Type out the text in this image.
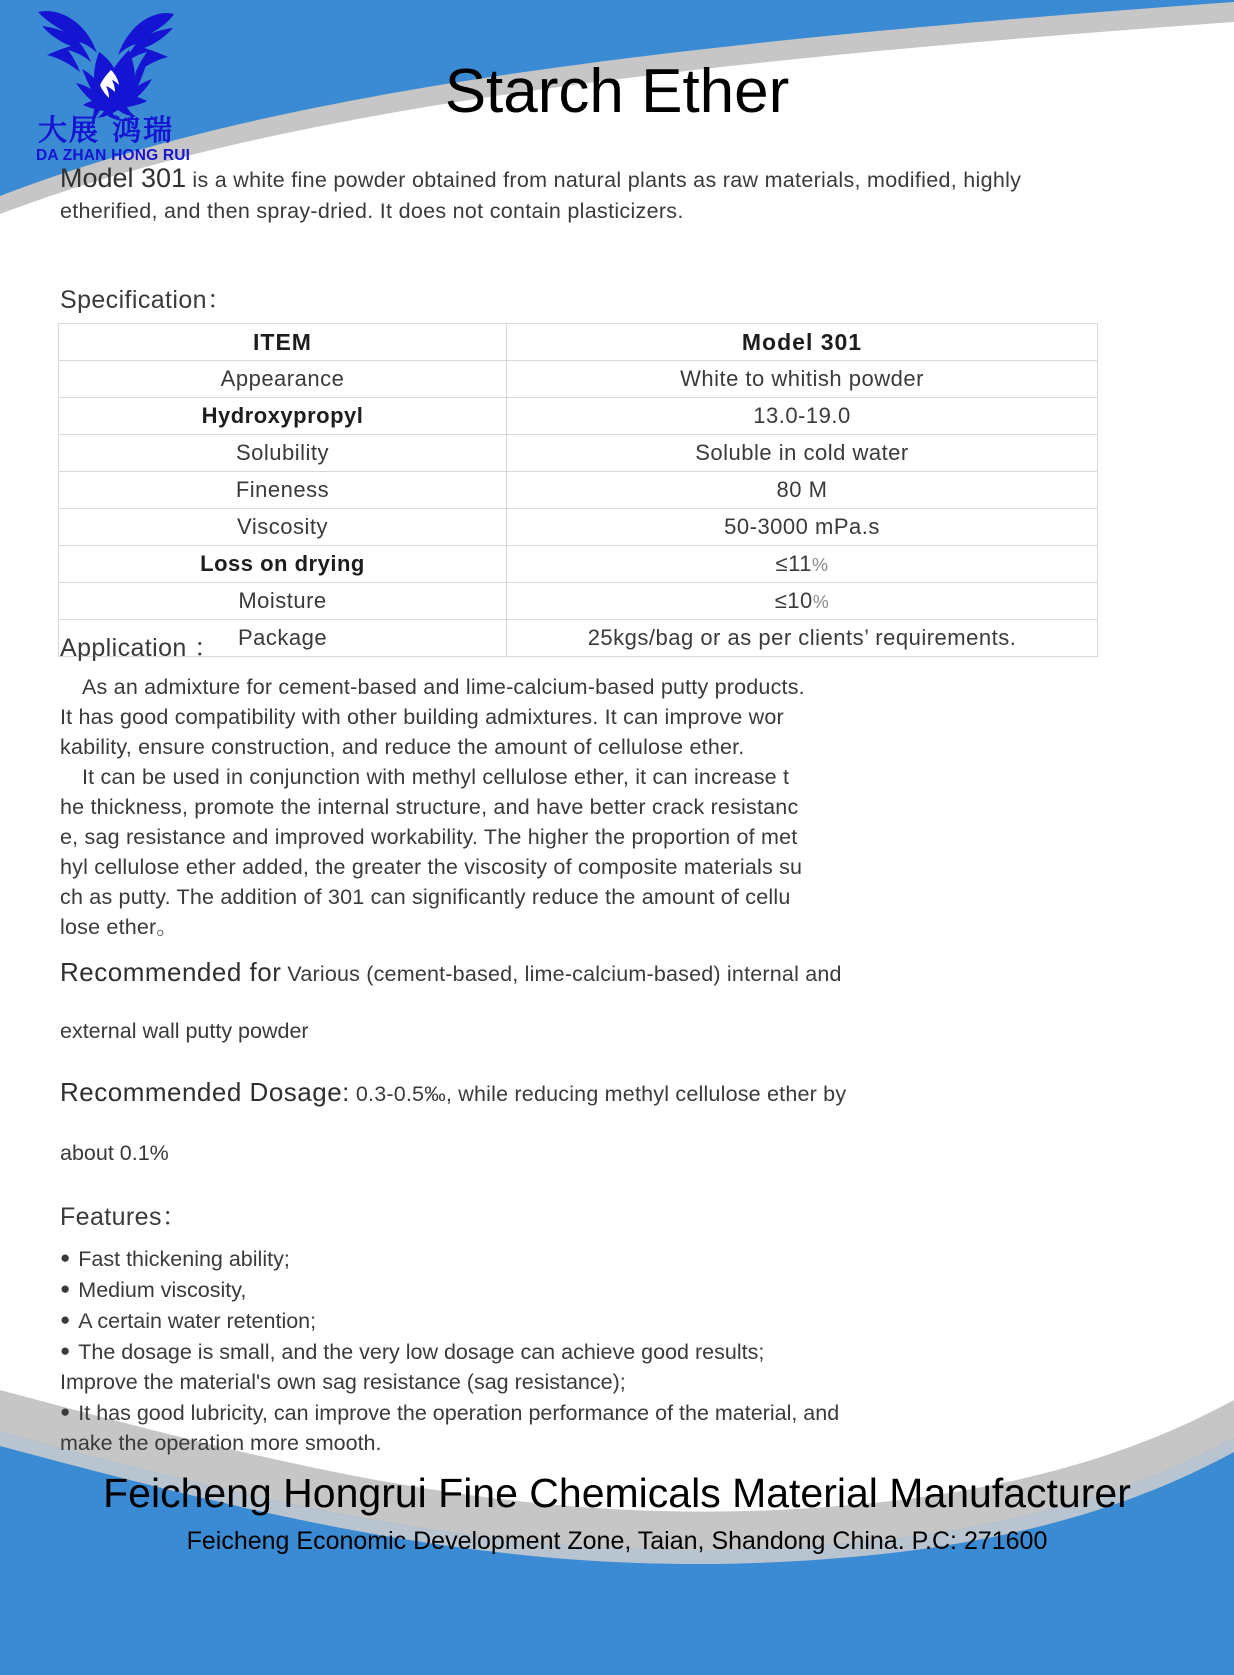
大展 鸿瑞
DA ZHAN HONG RUI
Starch Ether
Model 301 is a white fine powder obtained from natural plants as raw materials, modified, highly etherified, and then spray-dried. It does not contain plasticizers.
Specification：
ITEM	Model 301
Appearance	White to whitish powder
Hydroxypropyl	13.0-19.0
Solubility	Soluble in cold water
Fineness	80 M
Viscosity	50-3000 mPa.s
Loss on drying	≤11%
Moisture	≤10%
Package	25kgs/bag or as per clients’ requirements.
Application ：
As an admixture for cement-based and lime-calcium-based putty products.
It has good compatibility with other building admixtures. It can improve wor
kability, ensure construction, and reduce the amount of cellulose ether.
It can be used in conjunction with methyl cellulose ether, it can increase t
he thickness, promote the internal structure, and have better crack resistanc
e, sag resistance and improved workability. The higher the proportion of met
hyl cellulose ether added, the greater the viscosity of composite materials su
ch as putty. The addition of 301 can significantly reduce the amount of cellu
lose ether。
Recommended for Various (cement-based, lime-calcium-based) internal and
external wall putty powder
Recommended Dosage: 0.3-0.5‰, while reducing methyl cellulose ether by
about 0.1%
Features：
● Fast thickening ability;
● Medium viscosity,
● A certain water retention;
● The dosage is small, and the very low dosage can achieve good results;
Improve the material's own sag resistance (sag resistance);
● It has good lubricity, can improve the operation performance of the material, and
make the operation more smooth.
Feicheng Hongrui Fine Chemicals Material Manufacturer
Feicheng Economic Development Zone, Taian, Shandong China. P.C: 271600
